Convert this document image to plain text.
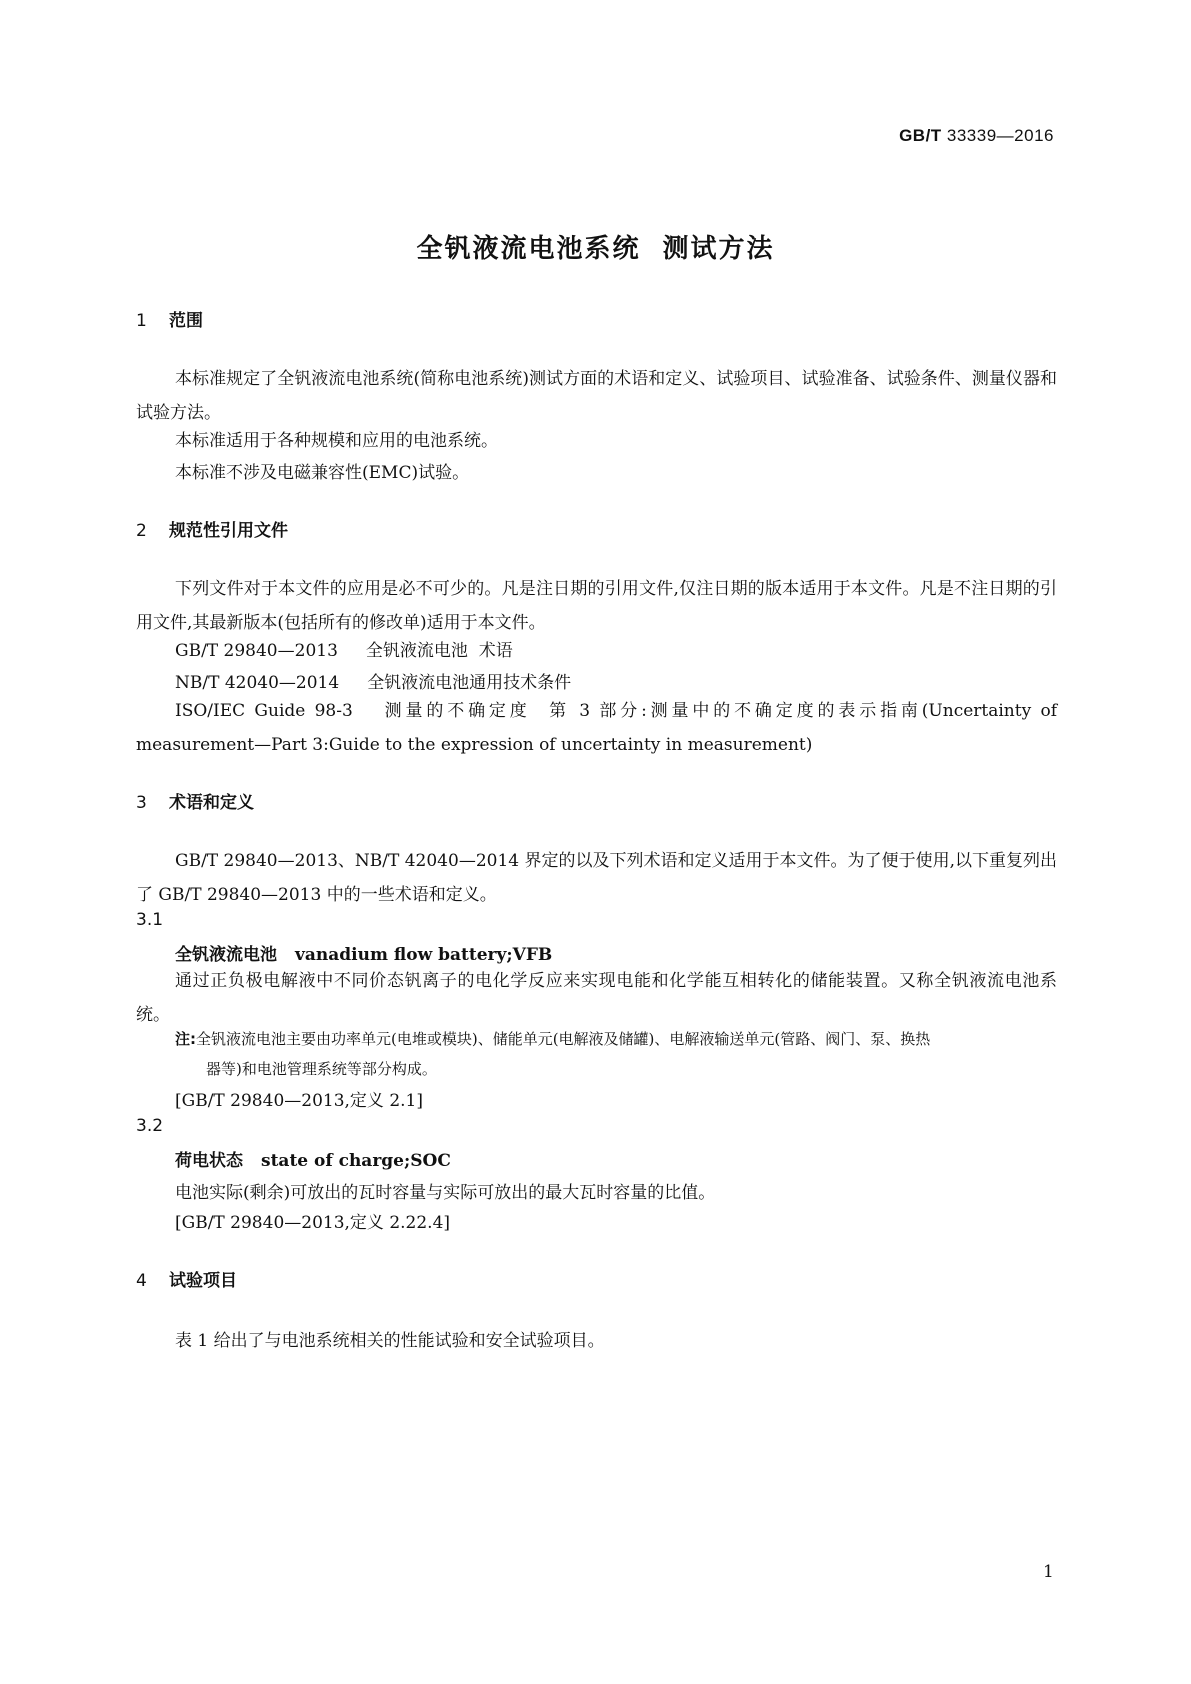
GB/T 33339—2016
全钒液流电池系统  测试方法
1 范围
本标准规定了全钒液流电池系统(简称电池系统)测试方面的术语和定义、试验项目、试验准备、试验条件、测量仪器和试验方法。
本标准适用于各种规模和应用的电池系统。
本标准不涉及电磁兼容性(EMC)试验。
2 规范性引用文件
下列文件对于本文件的应用是必不可少的。凡是注日期的引用文件,仅注日期的版本适用于本文件。凡是不注日期的引用文件,其最新版本(包括所有的修改单)适用于本文件。
GB/T 29840—2013 全钒液流电池  术语
NB/T 42040—2014 全钒液流电池通用技术条件
ISO/IEC Guide 98-3 测量的不确定度  第 3 部分:测量中的不确定度的表示指南(Uncertainty of measurement—Part 3:Guide to the expression of uncertainty in measurement)
3 术语和定义
GB/T 29840—2013、NB/T 42040—2014 界定的以及下列术语和定义适用于本文件。为了便于使用,以下重复列出了 GB/T 29840—2013 中的一些术语和定义。
3.1
全钒液流电池 vanadium flow battery;VFB
通过正负极电解液中不同价态钒离子的电化学反应来实现电能和化学能互相转化的储能装置。又称全钒液流电池系统。
注:全钒液流电池主要由功率单元(电堆或模块)、储能单元(电解液及储罐)、电解液输送单元(管路、阀门、泵、换热
器等)和电池管理系统等部分构成。
[GB/T 29840—2013,定义 2.1]
3.2
荷电状态 state of charge;SOC
电池实际(剩余)可放出的瓦时容量与实际可放出的最大瓦时容量的比值。
[GB/T 29840—2013,定义 2.22.4]
4 试验项目
表 1 给出了与电池系统相关的性能试验和安全试验项目。
1
